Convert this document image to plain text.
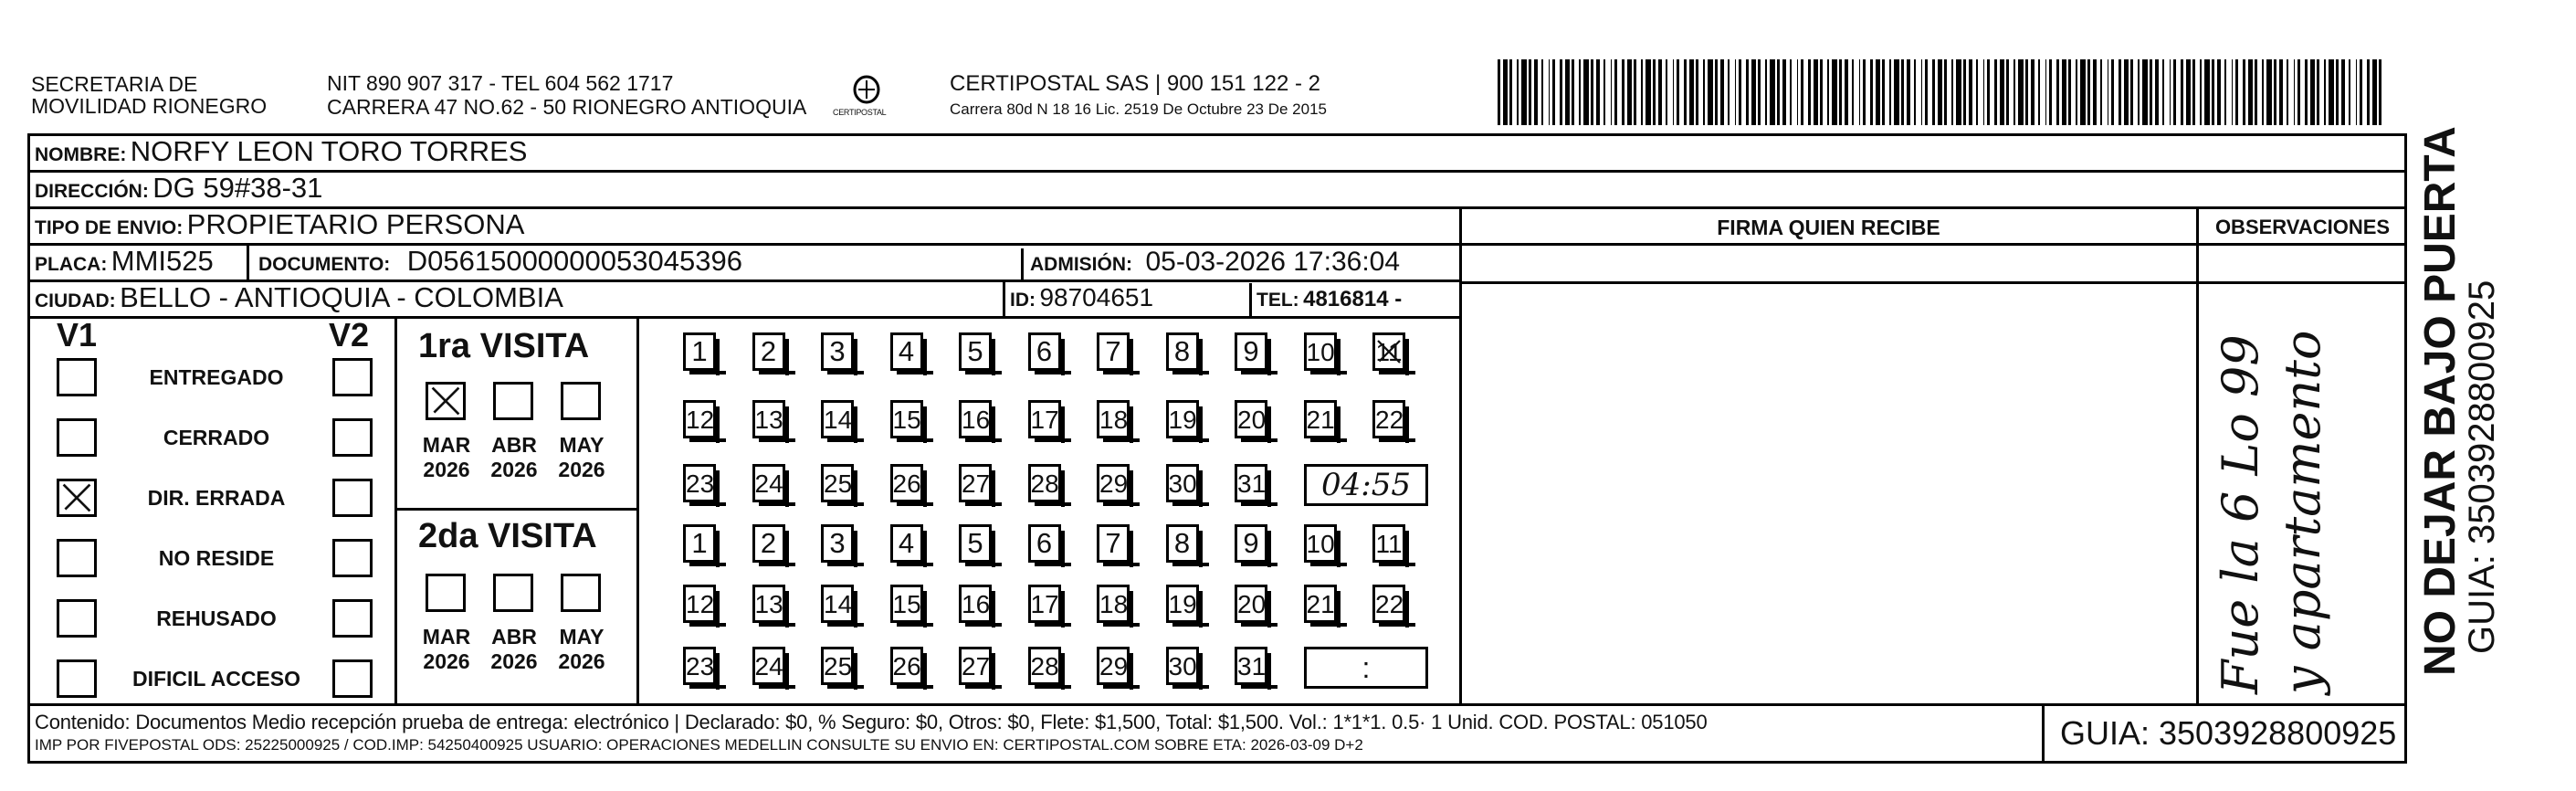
SECRETARIA DE
MOVILIDAD RIONEGRO
NIT 890 907 317 - TEL 604 562 1717
CARRERA 47 NO.62 - 50 RIONEGRO ANTIOQUIA	CERTIPOSTAL
CERTIPOSTAL SAS | 900 151 122 - 2
Carrera 80d N 18 16 Lic. 2519 De Octubre 23 De 2015
NOMBRE: NORFY LEON TORO TORRES
DIRECCIÓN: DG 59#38-31
TIPO DE ENVIO: PROPIETARIO PERSONA	FIRMA QUIEN RECIBE	OBSERVACIONES
PLACA: MMI525 DOCUMENTO: D05615000000053045396	ADMISIÓN: 05-03-2026 17:36:04
CIUDAD: BELLO - ANTIOQUIA - COLOMBIA	ID: 98704651	TEL: 4816814 -
V1	V2
ENTREGADO
CERRADO
DIR. ERRADA
NO RESIDE
REHUSADO
DIFICIL ACCESO
1ra VISITA
2da VISITA
MAR
2026
ABR
2026
MAY
2026
MAR
2026
ABR
2026
MAY
2026
1	2	3	4	5	6	7	8	9	10 11
12 13 14 15 16 17 18 19 20 21 22
23 24 25 26 27 28 29 30 31	04:55
1	2	3	4	5	6	7	8	9	10 11
12 13 14 15 16 17 18 19 20 21 22
23 24 25 26 27 28 29 30 31	:	Fue la 6 Lo 99 y apartamento
Contenido: Documentos Medio recepción prueba de entrega: electrónico | Declarado: $0, % Seguro: $0, Otros: $0, Flete: $1,500, Total: $1,500. Vol.: 1*1*1. 0.5· 1 Unid. COD. POSTAL: 051050
IMP POR FIVEPOSTAL ODS: 25225000925 / COD.IMP: 54250400925 USUARIO: OPERACIONES MEDELLIN CONSULTE SU ENVIO EN: CERTIPOSTAL.COM SOBRE ETA: 2026-03-09 D+2	GUIA: 3503928800925
NO DEJAR BAJO PUERTA
GUIA: 3503928800925
